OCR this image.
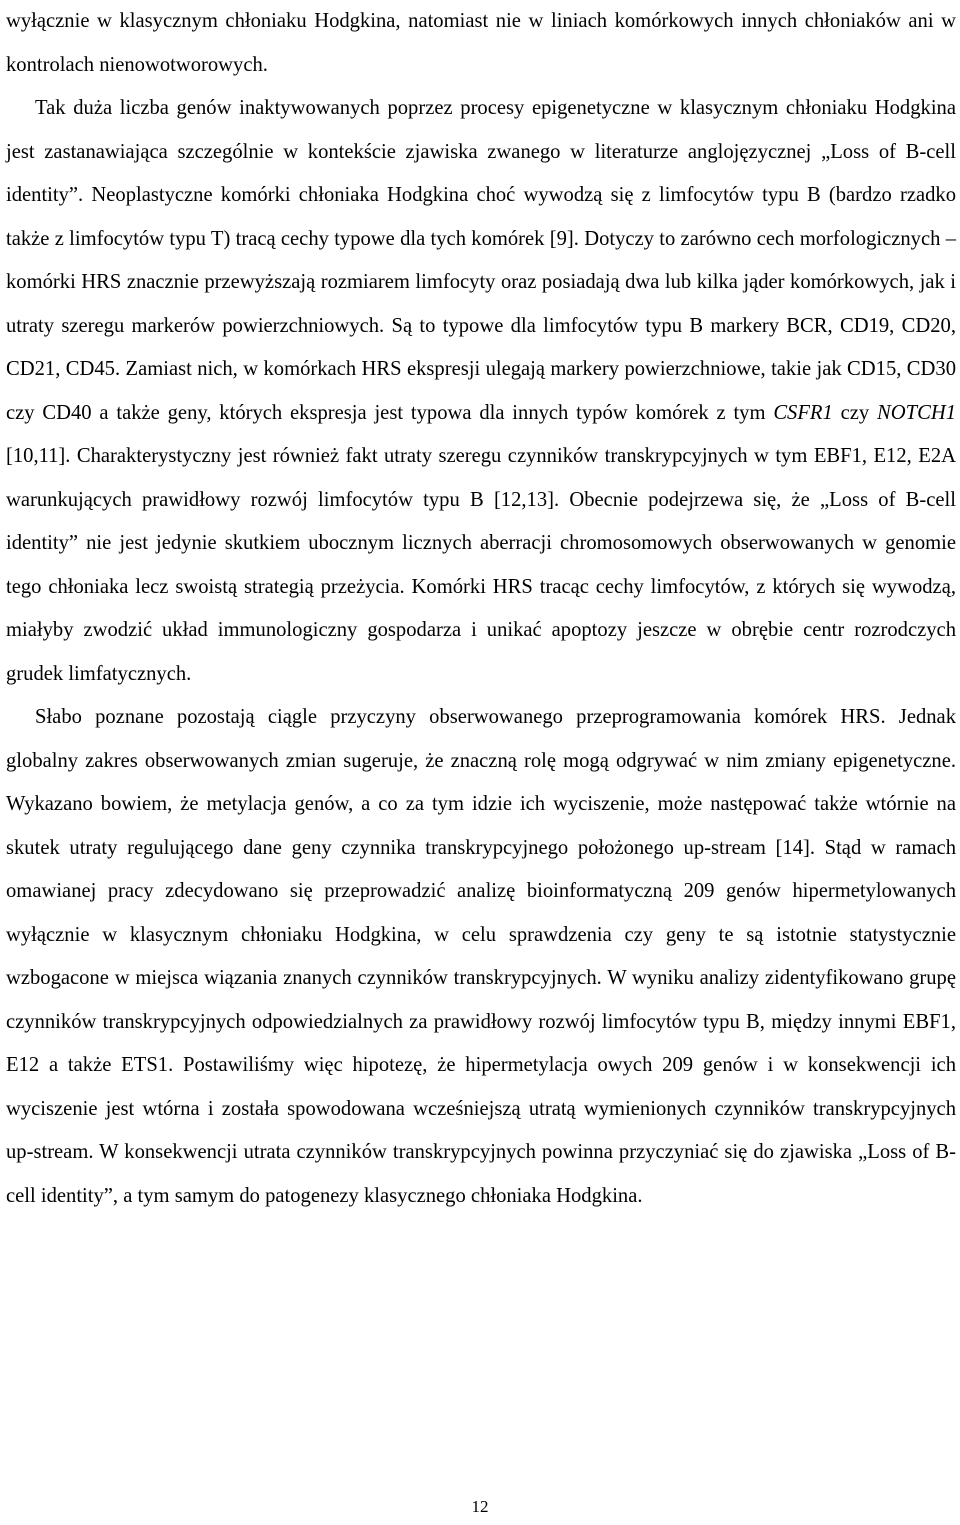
wyłącznie w klasycznym chłoniaku Hodgkina, natomiast nie w liniach komórkowych innych chłoniaków ani w kontrolach nienowotworowych.

Tak duża liczba genów inaktywowanych poprzez procesy epigenetyczne w klasycznym chłoniaku Hodgkina jest zastanawiająca szczególnie w kontekście zjawiska zwanego w literaturze anglojęzycznej „Loss of B-cell identity”. Neoplastyczne komórki chłoniaka Hodgkina choć wywodzą się z limfocytów typu B (bardzo rzadko także z limfocytów typu T) tracą cechy typowe dla tych komórek [9]. Dotyczy to zarówno cech morfologicznych – komórki HRS znacznie przewyższają rozmiarem limfocyty oraz posiadają dwa lub kilka jąder komórkowych, jak i utraty szeregu markerów powierzchniowych. Są to typowe dla limfocytów typu B markery BCR, CD19, CD20, CD21, CD45. Zamiast nich, w komórkach HRS ekspresji ulegają markery powierzchniowe, takie jak CD15, CD30 czy CD40 a także geny, których ekspresja jest typowa dla innych typów komórek z tym CSFR1 czy NOTCH1 [10,11]. Charakterystyczny jest również fakt utraty szeregu czynników transkrypcyjnych w tym EBF1, E12, E2A warunkujących prawidłowy rozwój limfocytów typu B [12,13]. Obecnie podejrzewa się, że „Loss of B-cell identity” nie jest jedynie skutkiem ubocznym licznych aberracji chromosomowych obserwowanych w genomie tego chłoniaka lecz swoistą strategią przeżycia. Komórki HRS tracąc cechy limfocytów, z których się wywodzą, miałyby zwodzić układ immunologiczny gospodarza i unikać apoptozy jeszcze w obrębie centr rozrodczych grudek limfatycznych.

Słabo poznane pozostają ciągle przyczyny obserwowanego przeprogramowania komórek HRS. Jednak globalny zakres obserwowanych zmian sugeruje, że znaczną rolę mogą odgrywać w nim zmiany epigenetyczne. Wykazano bowiem, że metylacja genów, a co za tym idzie ich wyciszenie, może następować także wtórnie na skutek utraty regulującego dane geny czynnika transkrypcyjnego położonego up-stream [14]. Stąd w ramach omawianej pracy zdecydowano się przeprowadzić analizę bioinformatyczną 209 genów hipermetylowanych wyłącznie w klasycznym chłoniaku Hodgkina, w celu sprawdzenia czy geny te są istotnie statystycznie wzbogacone w miejsca wiązania znanych czynników transkrypcyjnych. W wyniku analizy zidentyfikowano grupę czynników transkrypcyjnych odpowiedzialnych za prawidłowy rozwój limfocytów typu B, między innymi EBF1, E12 a także ETS1. Postawiliśmy więc hipotezę, że hipermetylacja owych 209 genów i w konsekwencji ich wyciszenie jest wtórna i została spowodowana wcześniejszą utratą wymienionych czynników transkrypcyjnych up-stream. W konsekwencji utrata czynników transkrypcyjnych powinna przyczyniać się do zjawiska „Loss of B-cell identity”, a tym samym do patogenezy klasycznego chłoniaka Hodgkina.

12
